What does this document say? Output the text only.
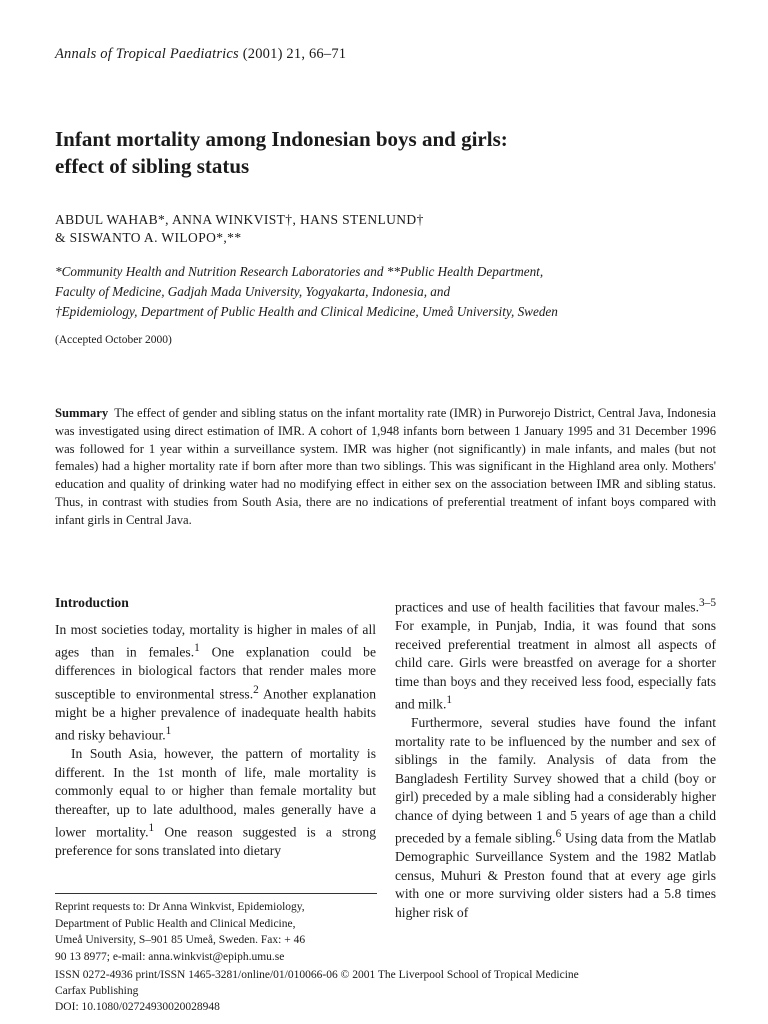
Annals of Tropical Paediatrics (2001) 21, 66–71
Infant mortality among Indonesian boys and girls:
effect of sibling status
ABDUL WAHAB*, ANNA WINKVIST†, HANS STENLUND†
& SISWANTO A. WILOPO*,**
*Community Health and Nutrition Research Laboratories and **Public Health Department,
Faculty of Medicine, Gadjah Mada University, Yogyakarta, Indonesia, and
†Epidemiology, Department of Public Health and Clinical Medicine, Umeå University, Sweden
(Accepted October 2000)

Summary The effect of gender and sibling status on the infant mortality rate (IMR) in Purworejo District, Central Java, Indonesia was investigated using direct estimation of IMR. A cohort of 1,948 infants born between 1 January 1995 and 31 December 1996 was followed for 1 year within a surveillance system. IMR was higher (not significantly) in male infants, and males (but not females) had a higher mortality rate if born after more than two siblings. This was significant in the Highland area only. Mothers' education and quality of drinking water had no modifying effect in either sex on the association between IMR and sibling status. Thus, in contrast with studies from South Asia, there are no indications of preferential treatment of infant boys compared with infant girls in Central Java.

Introduction

In most societies today, mortality is higher in males of all ages than in females.$^1$ One explanation could be differences in biological factors that render males more susceptible to environmental stress.$^2$ Another explanation might be a higher prevalence of inadequate health habits and risky behaviour.$^1$

In South Asia, however, the pattern of mortality is different. In the 1st month of life, male mortality is commonly equal to or higher than female mortality but thereafter, up to late adulthood, males generally have a lower mortality.$^1$ One reason suggested is a strong preference for sons translated into dietary

practices and use of health facilities that favour males.$^{3-5}$ For example, in Punjab, India, it was found that sons received preferential treatment in almost all aspects of child care. Girls were breastfed on average for a shorter time than boys and they received less food, especially fats and milk.$^1$

Furthermore, several studies have found the infant mortality rate to be influenced by the number and sex of siblings in the family. Analysis of data from the Bangladesh Fertility Survey showed that a child (boy or girl) preceded by a male sibling had a considerably higher chance of dying between 1 and 5 years of age than a child preceded by a female sibling.$^6$ Using data from the Matlab Demographic Surveillance System and the 1982 Matlab census, Muhuri & Preston found that at every age girls with one or more surviving older sisters had a 5.8 times higher risk of

Reprint requests to: Dr Anna Winkvist, Epidemiology,
Department of Public Health and Clinical Medicine,
Umeå University, S–901 85 Umeå, Sweden. Fax: + 46
90 13 8977; e-mail: anna.winkvist@epiph.umu.se
ISSN 0272-4936 print/ISSN 1465-3281/online/01/010066-06 © 2001 The Liverpool School of Tropical Medicine
Carfax Publishing
DOI: 10.1080/02724930020028948
